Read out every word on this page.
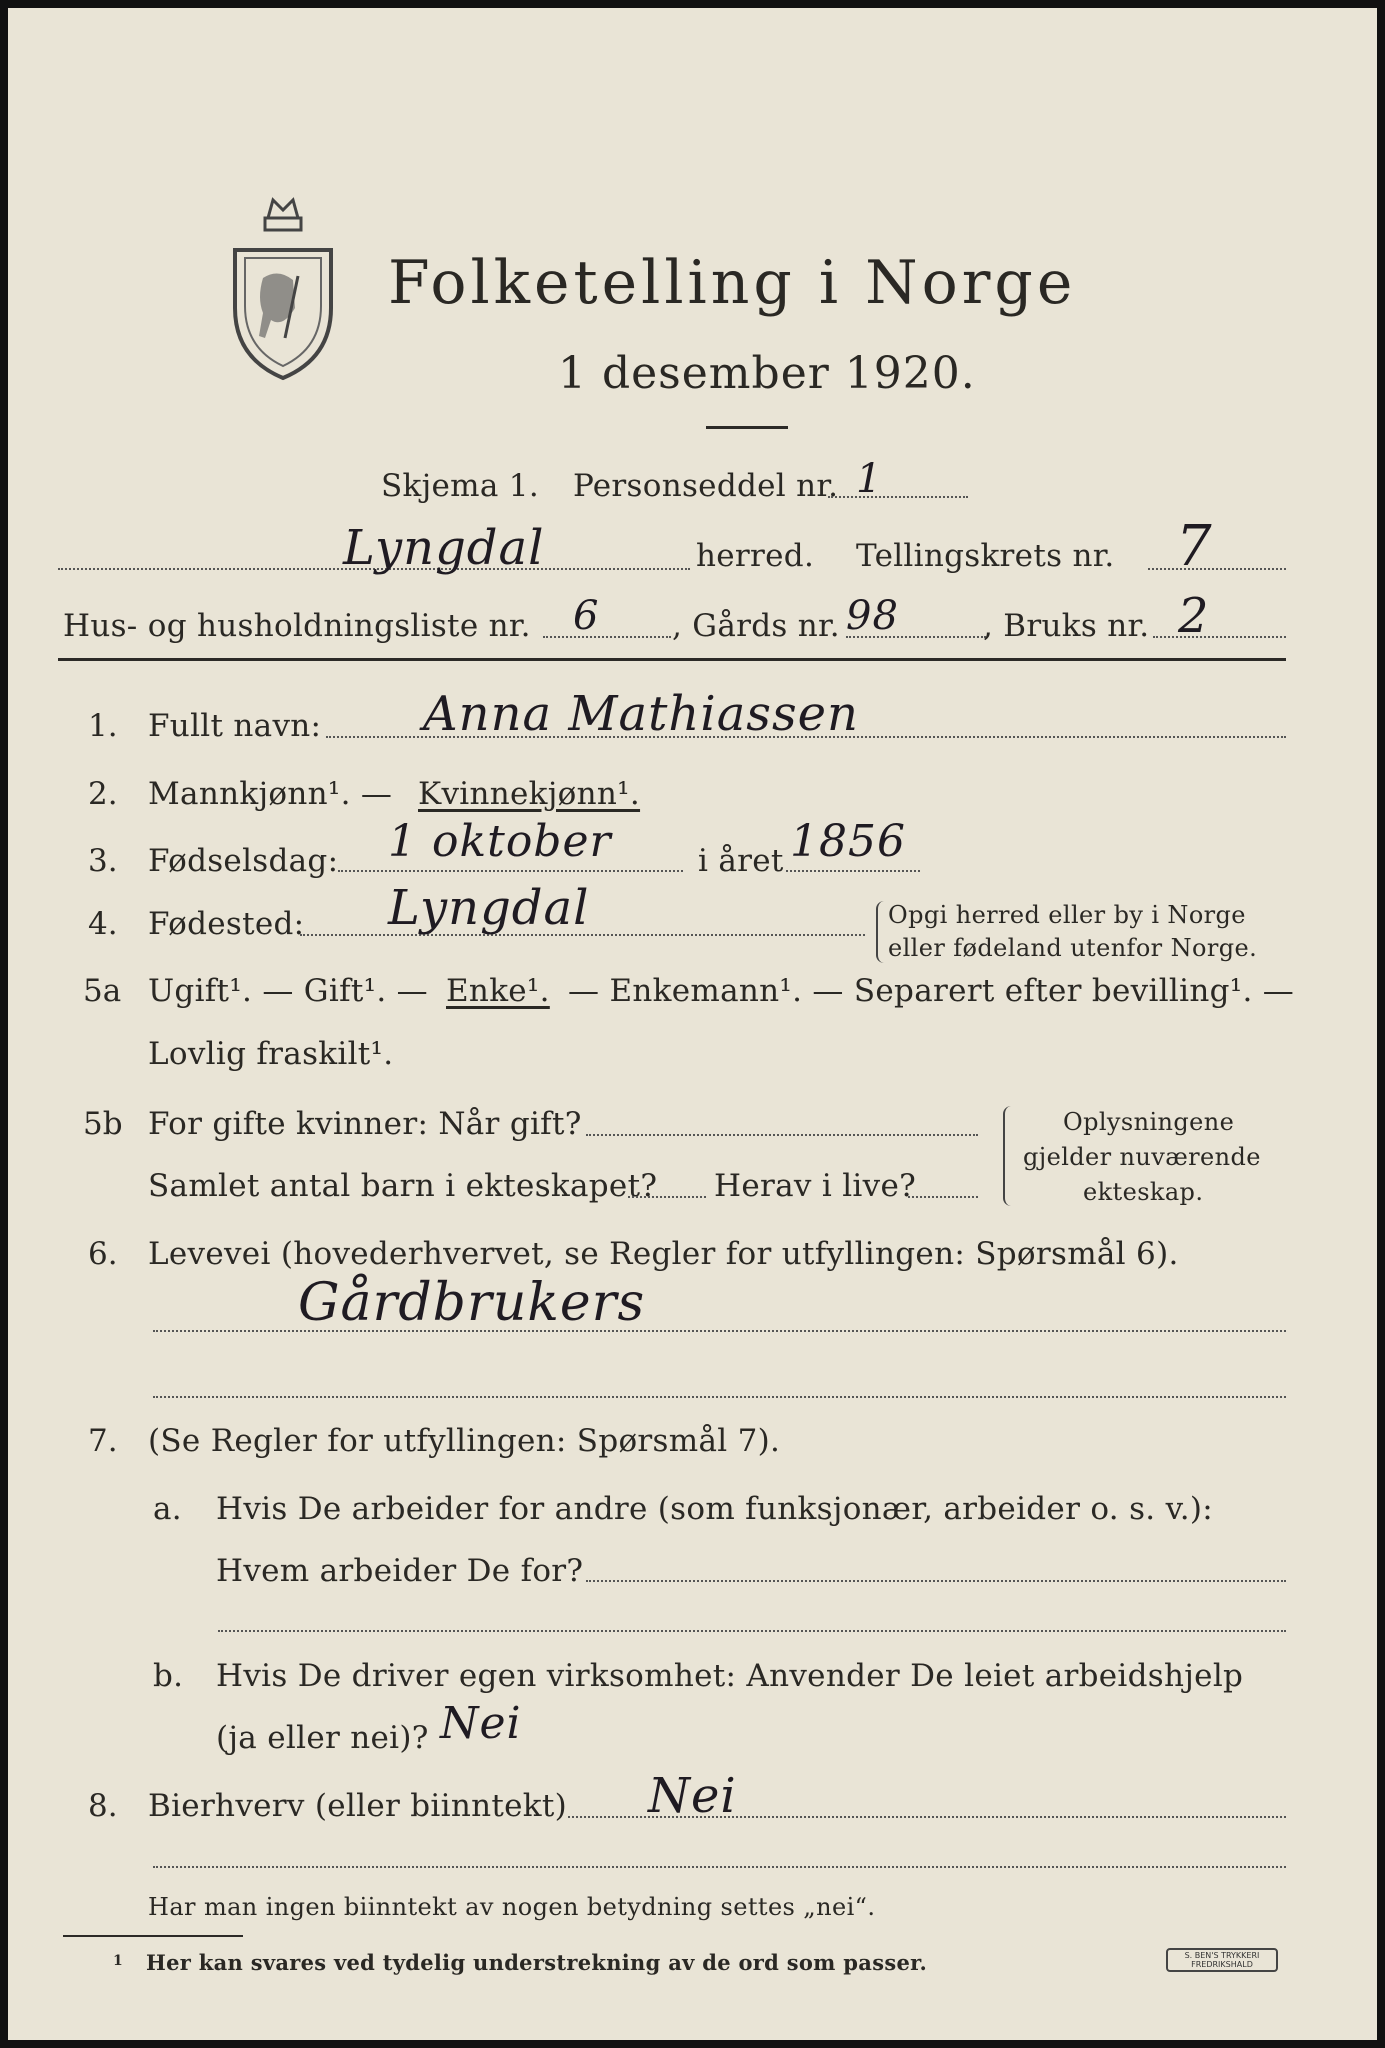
Folketelling i Norge
1 desember 1920.
Skjema 1. Personseddel nr. 1
Lyngdal	herred. Tellingskrets nr. 7
Hus- og husholdningsliste nr. 6 , Gårds nr. 98	, Bruks nr. 2
1. Fullt navn: Anna Mathiassen
2. Mannkjønn¹. — Kvinnekjønn¹.
3. Fødselsdag: 1 oktober	i året 1856
4. Fødested: Lyngdal	Opgi herred eller by i Norge
eller fødeland utenfor Norge.
5a Ugift¹. — Gift¹. — Enke¹. — Enkemann¹. — Separert efter bevilling¹. —
Lovlig fraskilt¹.
5b For gifte kvinner: Når gift?
Samlet antal barn i ekteskapet? Herav i live?
Oplysningene
gjelder nuværende
ekteskap.
6. Levevei (hovederhvervet, se Regler for utfyllingen: Spørsmål 6).
Gårdbrukers
7. (Se Regler for utfyllingen: Spørsmål 7).
a. Hvis De arbeider for andre (som funksjonær, arbeider o. s. v.):
Hvem arbeider De for?
b. Hvis De driver egen virksomhet: Anvender De leiet arbeidshjelp
(ja eller nei)? Nei
8. Bierhverv (eller biinntekt) Nei
Har man ingen biinntekt av nogen betydning settes „nei“.
1 Her kan svares ved tydelig understrekning av de ord som passer.	S. BEN'S TRYKKERI
FREDRIKSHALD
